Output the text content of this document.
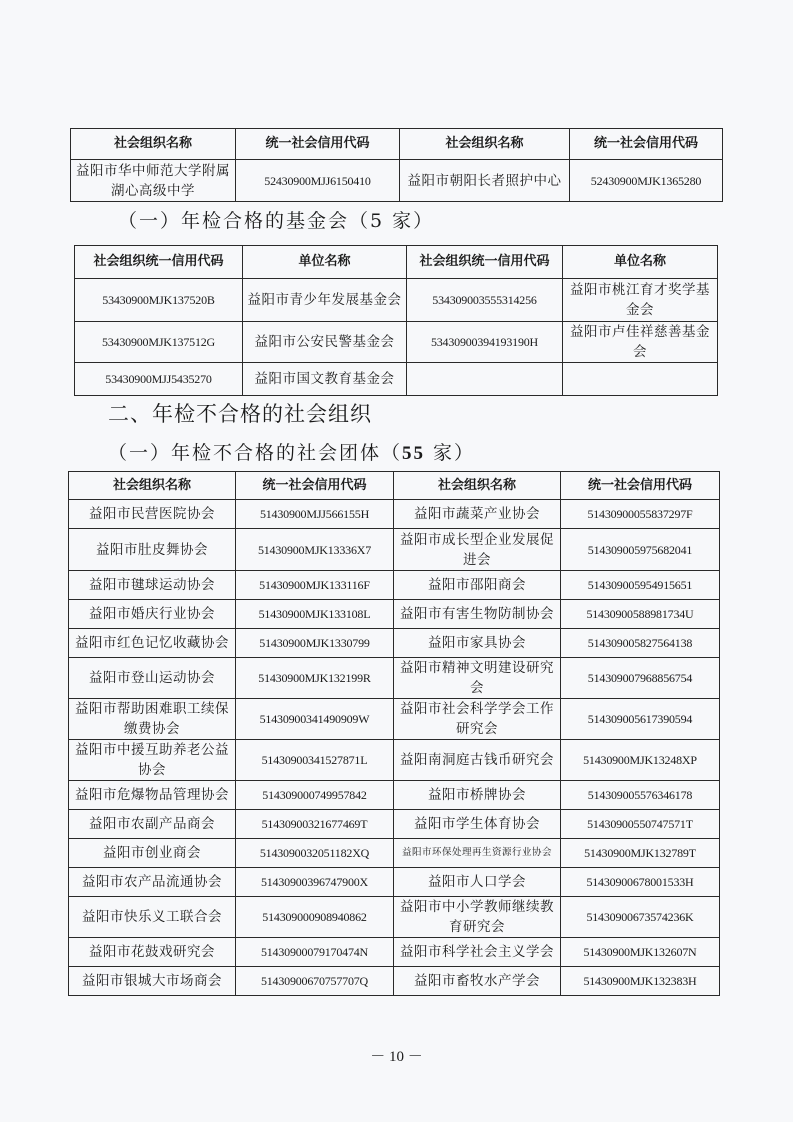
社会组织名称	统一社会信用代码	社会组织名称	统一社会信用代码
益阳市华中师范大学附属湖心高级中学	52430900MJJ6150410	益阳市朝阳长者照护中心	52430900MJK1365280
（一）年检合格的基金会（5 家）
社会组织统一信用代码	单位名称	社会组织统一信用代码	单位名称
53430900MJK137520B	益阳市青少年发展基金会	534309003555314256	益阳市桃江育才奖学基金会
53430900MJK137512G	益阳市公安民警基金会	53430900394193190H	益阳市卢佳祥慈善基金会
53430900MJJ5435270	益阳市国文教育基金会		
二、年检不合格的社会组织
（一）年检不合格的社会团体（55 家）
社会组织名称	统一社会信用代码	社会组织名称	统一社会信用代码
益阳市民营医院协会	51430900MJJ566155H	益阳市蔬菜产业协会	51430900055837297F
益阳市肚皮舞协会	51430900MJK13336X7	益阳市成长型企业发展促进会	514309005975682041
益阳市毽球运动协会	51430900MJK133116F	益阳市邵阳商会	514309005954915651
益阳市婚庆行业协会	51430900MJK133108L	益阳市有害生物防制协会	51430900588981734U
益阳市红色记忆收藏协会	51430900MJK1330799	益阳市家具协会	514309005827564138
益阳市登山运动协会	51430900MJK132199R	益阳市精神文明建设研究会	514309007968856754
益阳市帮助困难职工续保缴费协会	51430900341490909W	益阳市社会科学学会工作研究会	514309005617390594
益阳市中援互助养老公益协会	51430900341527871L	益阳南洞庭古钱币研究会	51430900MJK13248XP
益阳市危爆物品管理协会	514309000749957842	益阳市桥牌协会	514309005576346178
益阳市农副产品商会	51430900321677469T	益阳市学生体育协会	51430900550747571T
益阳市创业商会	5143090032051182XQ	益阳市环保处理再生资源行业协会	51430900MJK132789T
益阳市农产品流通协会	51430900396747900X	益阳市人口学会	51430900678001533H
益阳市快乐义工联合会	514309000908940862	益阳市中小学教师继续教育研究会	51430900673574236K
益阳市花鼓戏研究会	51430900079170474N	益阳市科学社会主义学会	51430900MJK132607N
益阳市银城大市场商会	51430900670757707Q	益阳市畜牧水产学会	51430900MJK132383H
－ 10 －
